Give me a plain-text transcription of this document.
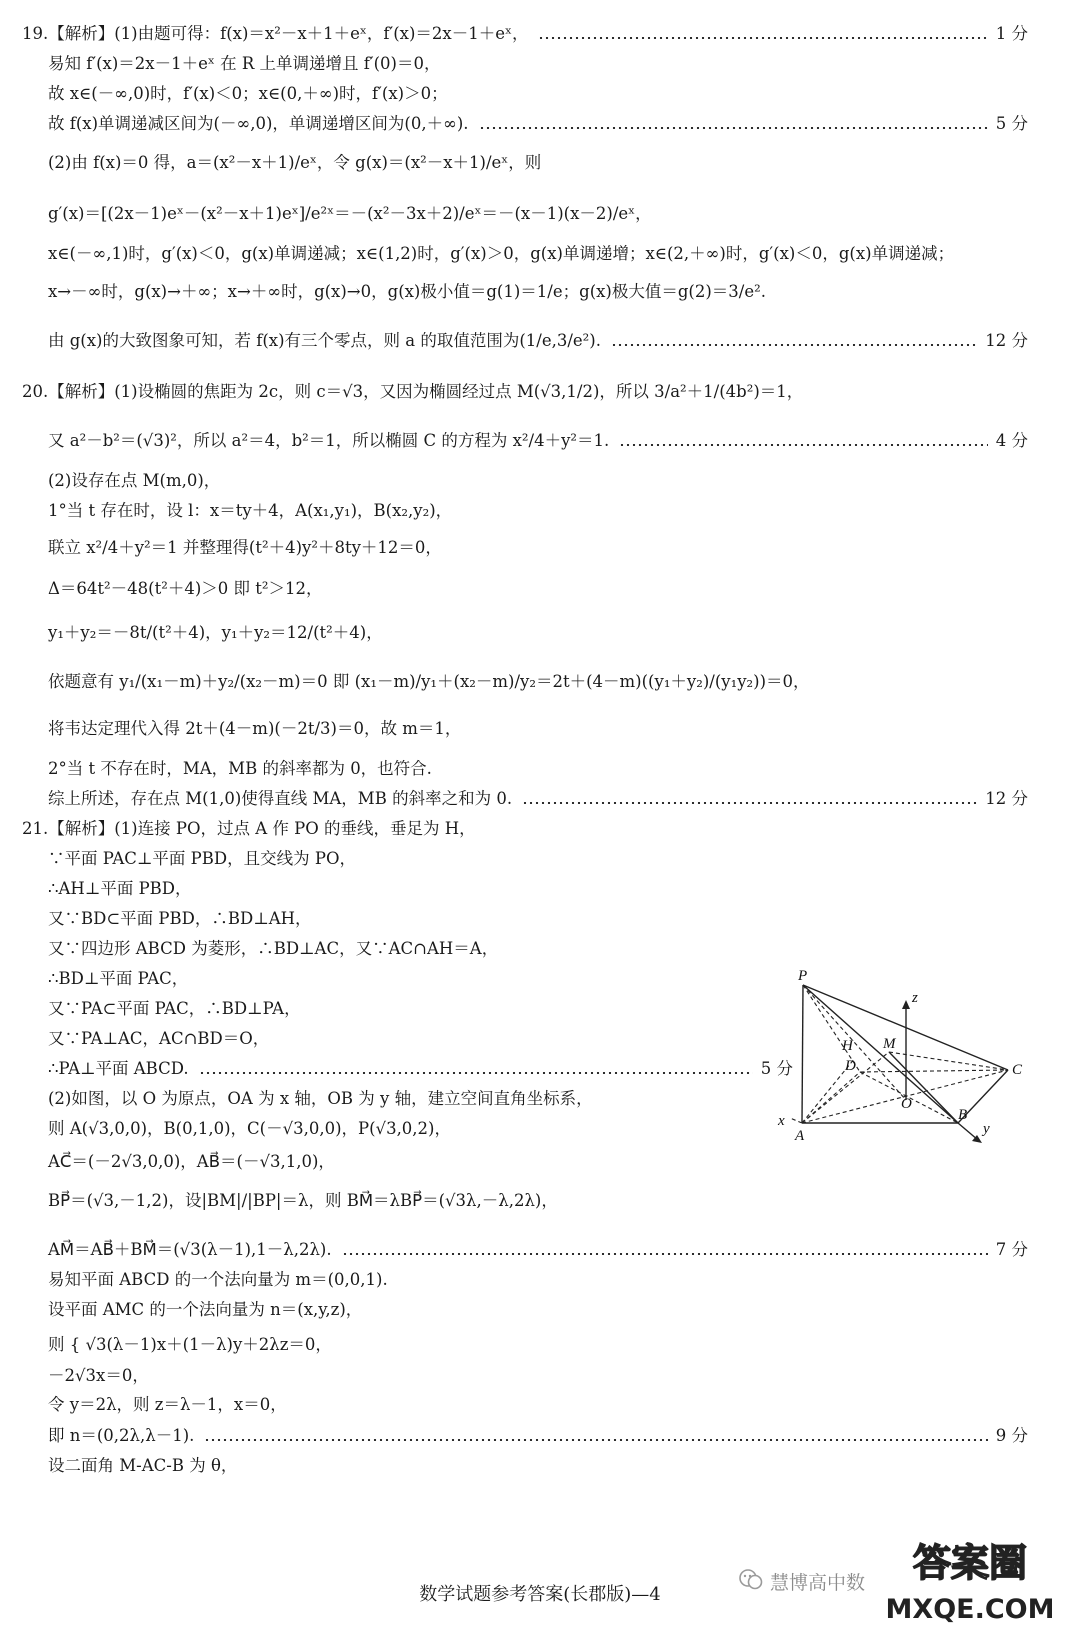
19.【解析】(1)由题可得：f(x)＝x²－x＋1＋eˣ，f′(x)＝2x－1＋eˣ，	1 分
易知 f′(x)＝2x－1＋eˣ 在 R 上单调递增且 f′(0)＝0，
故 x∈(－∞,0)时，f′(x)＜0；x∈(0,＋∞)时，f′(x)＞0；
故 f(x)单调递减区间为(－∞,0)，单调递增区间为(0,＋∞).	5 分
(2)由 f(x)＝0 得，a＝(x²－x＋1)/eˣ，令 g(x)＝(x²－x＋1)/eˣ，则
g′(x)＝[(2x－1)eˣ－(x²－x＋1)eˣ]/e²ˣ＝－(x²－3x＋2)/eˣ＝－(x－1)(x－2)/eˣ，
x∈(－∞,1)时，g′(x)＜0，g(x)单调递减；x∈(1,2)时，g′(x)＞0，g(x)单调递增；x∈(2,＋∞)时，g′(x)＜0，g(x)单调递减；
x→－∞时，g(x)→＋∞；x→＋∞时，g(x)→0，g(x)极小值＝g(1)＝1/e；g(x)极大值＝g(2)＝3/e².
由 g(x)的大致图象可知，若 f(x)有三个零点，则 a 的取值范围为(1/e,3/e²).	12 分
20.【解析】(1)设椭圆的焦距为 2c，则 c＝√3，又因为椭圆经过点 M(√3,1/2)，所以 3/a²＋1/(4b²)＝1，
又 a²－b²＝(√3)²，所以 a²＝4，b²＝1，所以椭圆 C 的方程为 x²/4＋y²＝1.	4 分
(2)设存在点 M(m,0)，
1°当 t 存在时，设 l：x＝ty＋4，A(x₁,y₁)，B(x₂,y₂)，
联立 x²/4＋y²＝1 并整理得(t²＋4)y²＋8ty＋12＝0，
Δ＝64t²－48(t²＋4)＞0 即 t²＞12，
y₁＋y₂＝－8t/(t²＋4)，y₁＋y₂＝12/(t²＋4)，
依题意有 y₁/(x₁－m)＋y₂/(x₂－m)＝0 即 (x₁－m)/y₁＋(x₂－m)/y₂＝2t＋(4－m)((y₁＋y₂)/(y₁y₂))＝0，
将韦达定理代入得 2t＋(4－m)(－2t/3)＝0，故 m＝1，
2°当 t 不存在时，MA，MB 的斜率都为 0，也符合.
综上所述，存在点 M(1,0)使得直线 MA，MB 的斜率之和为 0.	12 分
21.【解析】(1)连接 PO，过点 A 作 PO 的垂线，垂足为 H，
∵平面 PAC⊥平面 PBD，且交线为 PO，
∴AH⊥平面 PBD，
又∵BD⊂平面 PBD，∴BD⊥AH，
又∵四边形 ABCD 为菱形，∴BD⊥AC，又∵AC∩AH＝A，
∴BD⊥平面 PAC，
又∵PA⊂平面 PAC，∴BD⊥PA，
又∵PA⊥AC，AC∩BD＝O，
∴PA⊥平面 ABCD.	5 分
(2)如图，以 O 为原点，OA 为 x 轴，OB 为 y 轴，建立空间直角坐标系，
则 A(√3,0,0)，B(0,1,0)，C(－√3,0,0)，P(√3,0,2)，
AC⃗＝(－2√3,0,0)，AB⃗＝(－√3,1,0)，
BP⃗＝(√3,－1,2)，设|BM|/|BP|＝λ，则 BM⃗＝λBP⃗＝(√3λ,－λ,2λ)，
AM⃗＝AB⃗＋BM⃗＝(√3(λ－1),1－λ,2λ).	7 分
易知平面 ABCD 的一个法向量为 m＝(0,0,1).
设平面 AMC 的一个法向量为 n＝(x,y,z)，
则 { √3(λ－1)x＋(1－λ)y＋2λz＝0，
－2√3x＝0，
令 y＝2λ，则 z＝λ－1，x＝0，
即 n＝(0,2λ,λ－1).	9 分
设二面角 M-AC-B 为 θ，
P
z
H M
D	C
O
B
x
A	y
数学试题参考答案(长郡版)—4
慧博高中数 答案圈
MXQE.COM
